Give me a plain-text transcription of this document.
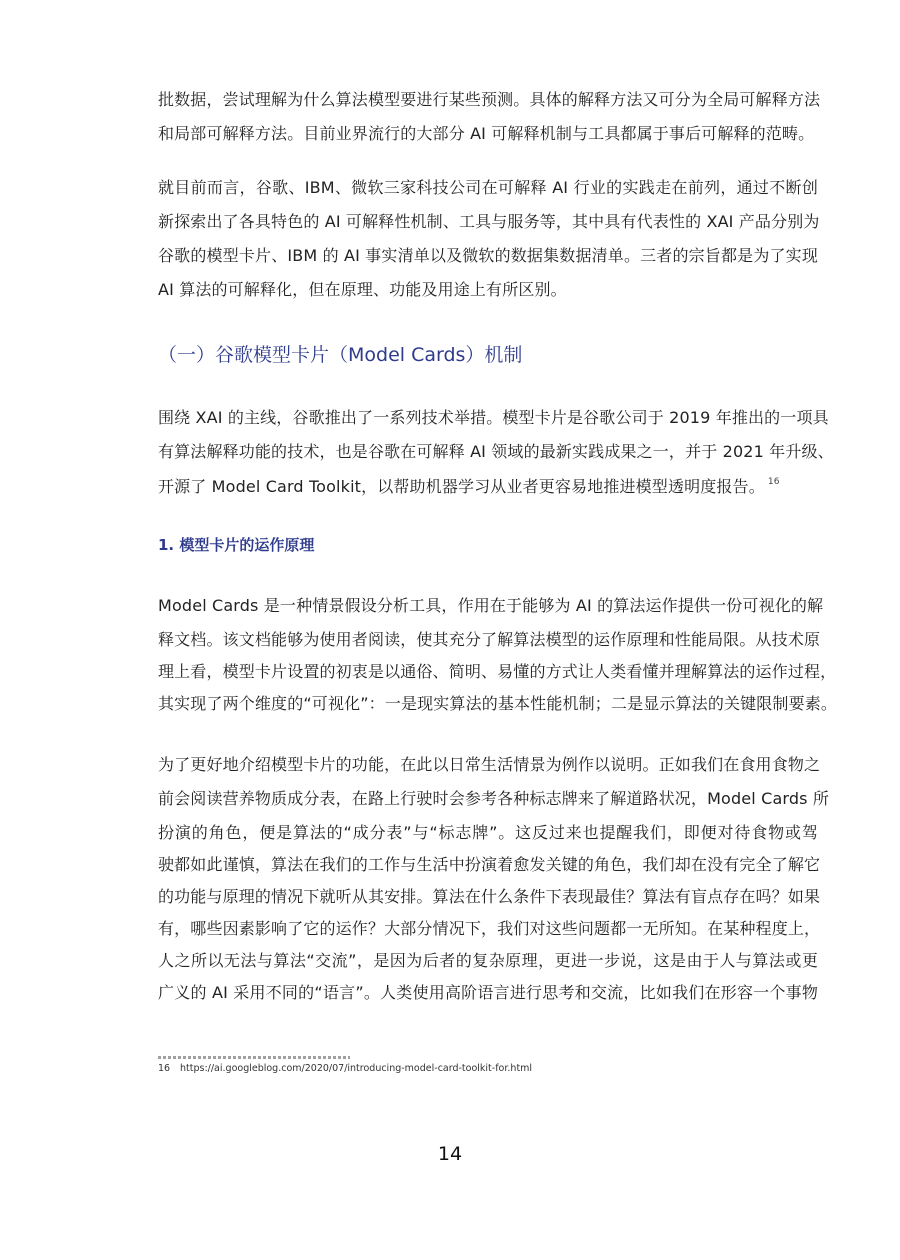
批数据，尝试理解为什么算法模型要进行某些预测。具体的解释方法又可分为全局可解释方法
和局部可解释方法。目前业界流行的大部分 AI 可解释机制与工具都属于事后可解释的范畴。
就目前而言，谷歌、IBM、微软三家科技公司在可解释 AI 行业的实践走在前列，通过不断创
新探索出了各具特色的 AI 可解释性机制、工具与服务等，其中具有代表性的 XAI 产品分别为
谷歌的模型卡片、IBM 的 AI 事实清单以及微软的数据集数据清单。三者的宗旨都是为了实现
AI 算法的可解释化，但在原理、功能及用途上有所区别。
（一）谷歌模型卡片（Model Cards）机制
围绕 XAI 的主线，谷歌推出了一系列技术举措。模型卡片是谷歌公司于 2019 年推出的一项具
有算法解释功能的技术，也是谷歌在可解释 AI 领域的最新实践成果之一，并于 2021 年升级、
开源了 Model Card Toolkit，以帮助机器学习从业者更容易地推进模型透明度报告。 $^{16}$
1. 模型卡片的运作原理
Model Cards 是一种情景假设分析工具，作用在于能够为 AI 的算法运作提供一份可视化的解
释文档。该文档能够为使用者阅读，使其充分了解算法模型的运作原理和性能局限。从技术原
理上看，模型卡片设置的初衷是以通俗、简明、易懂的方式让人类看懂并理解算法的运作过程，
其实现了两个维度的“可视化”：一是现实算法的基本性能机制；二是显示算法的关键限制要素。
为了更好地介绍模型卡片的功能，在此以日常生活情景为例作以说明。正如我们在食用食物之
前会阅读营养物质成分表，在路上行驶时会参考各种标志牌来了解道路状况，Model Cards 所
扮演的角色，便是算法的“成分表”与“标志牌”。这反过来也提醒我们，即便对待食物或驾
驶都如此谨慎，算法在我们的工作与生活中扮演着愈发关键的角色，我们却在没有完全了解它
的功能与原理的情况下就听从其安排。算法在什么条件下表现最佳？算法有盲点存在吗？如果
有，哪些因素影响了它的运作？大部分情况下，我们对这些问题都一无所知。在某种程度上，
人之所以无法与算法“交流”，是因为后者的复杂原理，更进一步说，这是由于人与算法或更
广义的 AI 采用不同的“语言”。人类使用高阶语言进行思考和交流，比如我们在形容一个事物
16 https://ai.googleblog.com/2020/07/introducing-model-card-toolkit-for.html
14
